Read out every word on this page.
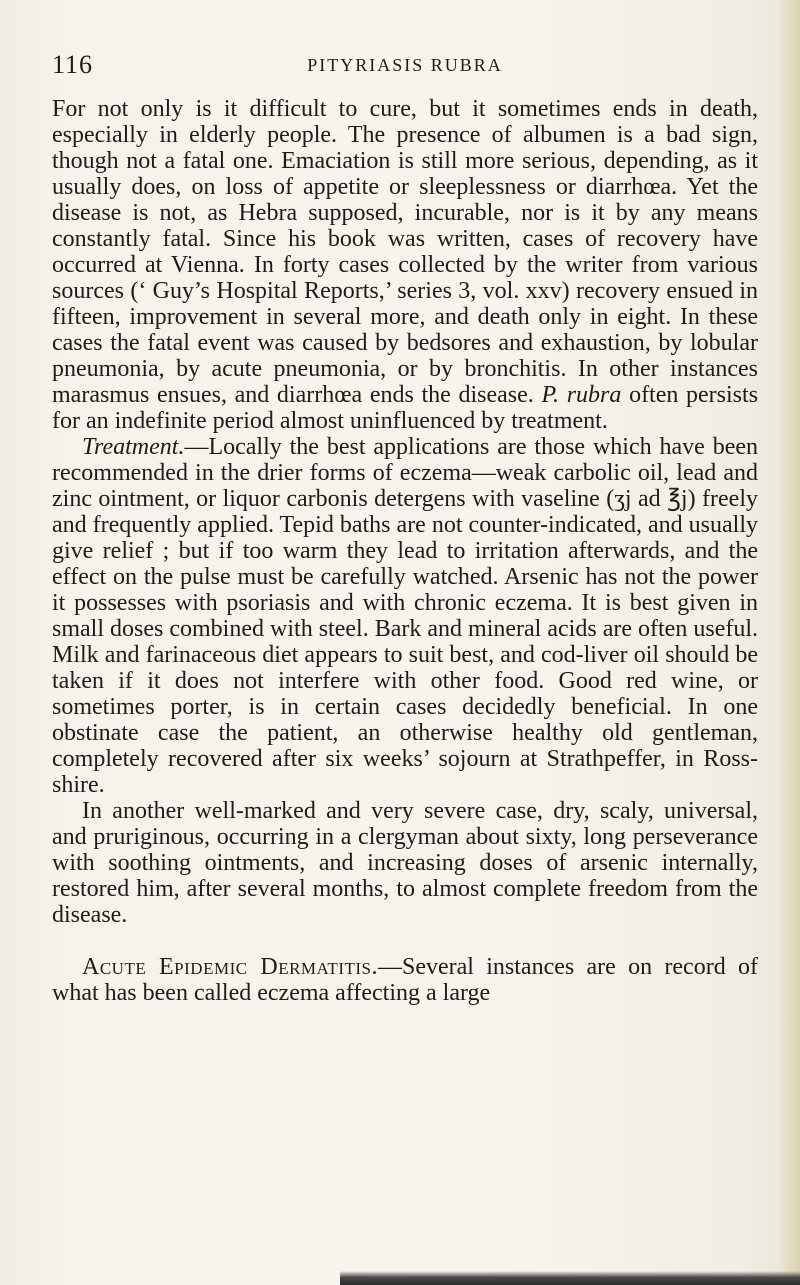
116	PITYRIASIS RUBRA

For not only is it difficult to cure, but it sometimes ends in death, especially in elderly people. The presence of albumen is a bad sign, though not a fatal one. Emaciation is still more serious, depending, as it usually does, on loss of appetite or sleeplessness or diarrhœa. Yet the disease is not, as Hebra supposed, incurable, nor is it by any means constantly fatal. Since his book was written, cases of recovery have occurred at Vienna. In forty cases collected by the writer from various sources (‘ Guy’s Hospital Reports,’ series 3, vol. xxv) recovery ensued in fifteen, improvement in several more, and death only in eight. In these cases the fatal event was caused by bedsores and exhaustion, by lobular pneumonia, by acute pneumonia, or by bronchitis. In other instances marasmus ensues, and diarrhœa ends the disease. P. rubra often persists for an indefinite period almost uninfluenced by treatment.

Treatment.—Locally the best applications are those which have been recommended in the drier forms of eczema—weak carbolic oil, lead and zinc ointment, or liquor carbonis detergens with vaseline (ʒj ad ℥j) freely and frequently applied. Tepid baths are not counter-indicated, and usually give relief ; but if too warm they lead to irritation afterwards, and the effect on the pulse must be carefully watched. Arsenic has not the power it possesses with psoriasis and with chronic eczema. It is best given in small doses combined with steel. Bark and mineral acids are often useful. Milk and farinaceous diet appears to suit best, and cod-liver oil should be taken if it does not interfere with other food. Good red wine, or sometimes porter, is in certain cases decidedly beneficial. In one obstinate case the patient, an otherwise healthy old gentleman, completely recovered after six weeks’ sojourn at Strathpeffer, in Ross-shire.

In another well-marked and very severe case, dry, scaly, universal, and pruriginous, occurring in a clergyman about sixty, long perseverance with soothing ointments, and increasing doses of arsenic internally, restored him, after several months, to almost complete freedom from the disease.

Acute Epidemic Dermatitis.—Several instances are on record of what has been called eczema affecting a large
